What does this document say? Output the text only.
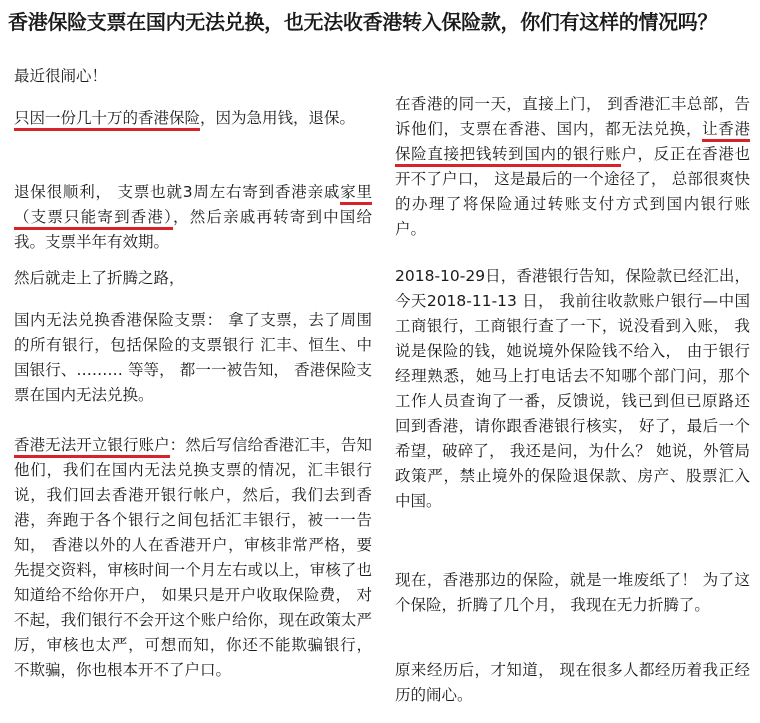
香港保险支票在国内无法兑换，也无法收香港转入保险款，你们有这样的情况吗？

最近很闹心！

只因一份几十万的香港保险，因为急用钱，退保。

退保很顺利， 支票也就3周左右寄到香港亲戚家里（支票只能寄到香港），然后亲戚再转寄到中国给我。支票半年有效期。

然后就走上了折腾之路，

国内无法兑换香港保险支票： 拿了支票，去了周围的所有银行，包括保险的支票银行 汇丰、恒生、中国银行、……… 等等， 都一一被告知， 香港保险支票在国内无法兑换。

香港无法开立银行账户：然后写信给香港汇丰，告知他们，我们在国内无法兑换支票的情况，汇丰银行说，我们回去香港开银行帐户，然后，我们去到香港，奔跑于各个银行之间包括汇丰银行，被一一告知， 香港以外的人在香港开户，审核非常严格，要先提交资料，审核时间一个月左右或以上，审核了也知道给不给你开户， 如果只是开户收取保险费， 对不起，我们银行不会开这个账户给你，现在政策太严厉，审核也太严，可想而知，你还不能欺骗银行， 不欺骗，你也根本开不了户口。

在香港的同一天，直接上门， 到香港汇丰总部，告诉他们，支票在香港、国内，都无法兑换，让香港保险直接把钱转到国内的银行账户，反正在香港也开不了户口， 这是最后的一个途径了， 总部很爽快的办理了将保险通过转账支付方式到国内银行账户。

2018-10-29日，香港银行告知，保险款已经汇出， 今天2018-11-13 日， 我前往收款账户银行—中国工商银行，工商银行查了一下，说没看到入账， 我说是保险的钱，她说境外保险钱不给入， 由于银行经理熟悉，她马上打电话去不知哪个部门问，那个工作人员查询了一番，反馈说，钱已到但已原路还回到香港，请你跟香港银行核实， 好了，最后一个希望，破碎了， 我还是问，为什么？ 她说，外管局政策严，禁止境外的保险退保款、房产、股票汇入中国。

现在，香港那边的保险，就是一堆废纸了！ 为了这个保险，折腾了几个月， 我现在无力折腾了。

原来经历后，才知道， 现在很多人都经历着我正经历的闹心。
